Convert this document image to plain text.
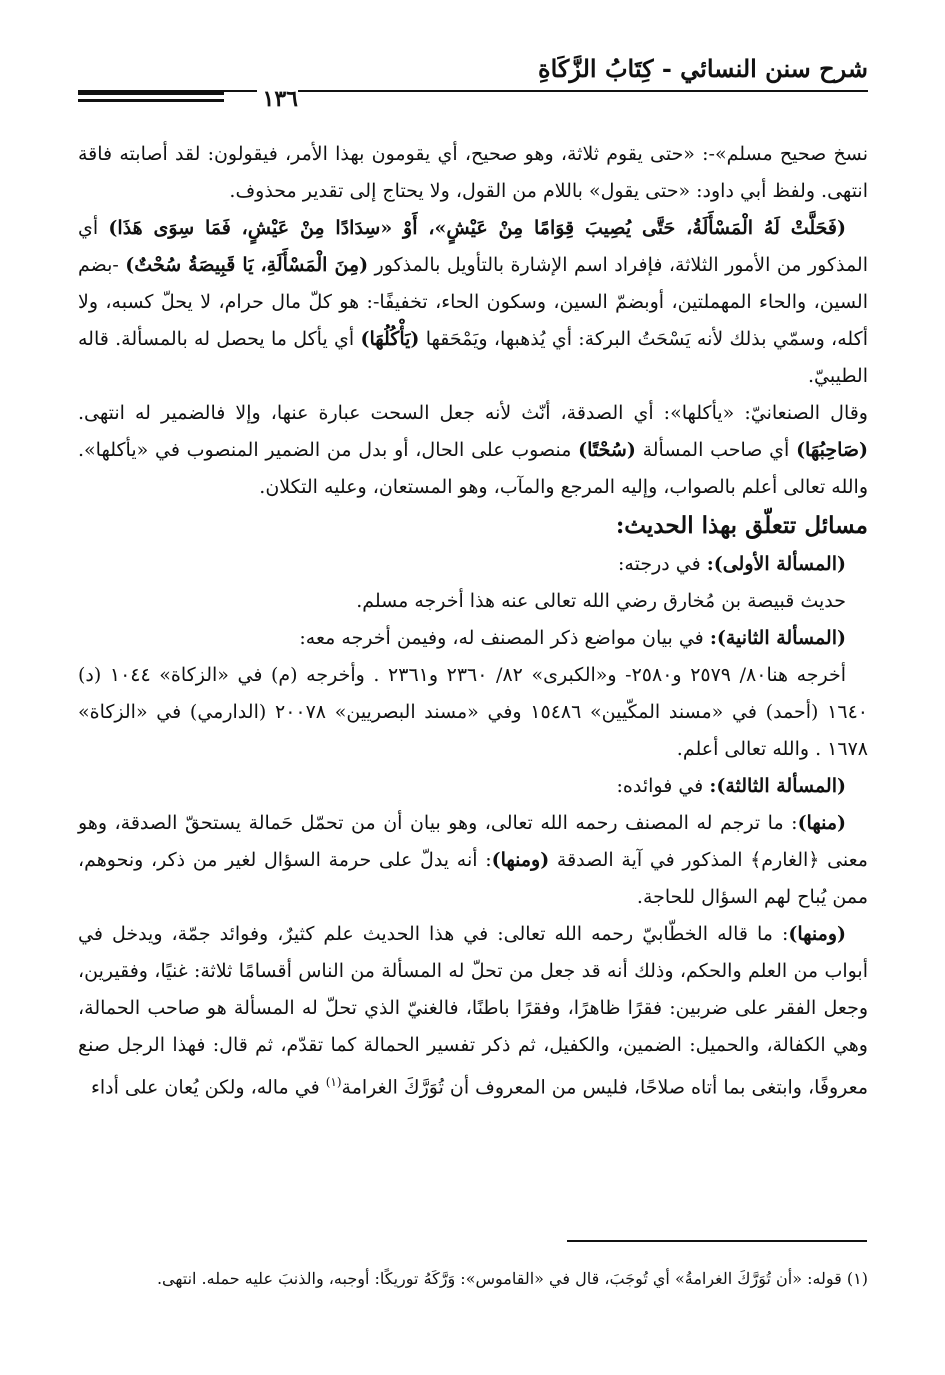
شرح سنن النسائي - كِتَابُ الزَّكَاةِ
١٣٦

نسخ صحيح مسلم»-: «حتى يقوم ثلاثة، وهو صحيح، أي يقومون بهذا الأمر، فيقولون: لقد أصابته فاقة انتهى. ولفظ أبي داود: «حتى يقول» باللام من القول، ولا يحتاج إلى تقدير محذوف.

(فَحَلَّتْ لَهُ الْمَسْأَلَةُ، حَتَّى يُصِيبَ قِوَامًا مِنْ عَيْشٍ»، أَوْ «سِدَادًا مِنْ عَيْشٍ، فَمَا سِوَى هَذَا) أي المذكور من الأمور الثلاثة، فإفراد اسم الإشارة بالتأويل بالمذكور (مِنَ الْمَسْأَلَةِ، يَا قَبِيصَةُ سُحْتٌ) -بضم السين، والحاء المهملتين، أوبضمّ السين، وسكون الحاء، تخفيفًا-: هو كلّ مال حرام، لا يحلّ كسبه، ولا أكله، وسمّي بذلك لأنه يَسْحَتُ البركة: أي يُذهبها، ويَمْحَقها (يَأْكُلُهَا) أي يأكل ما يحصل له بالمسألة. قاله الطيبيّ.

وقال الصنعانيّ: «يأكلها»: أي الصدقة، أنّث لأنه جعل السحت عبارة عنها، وإلا فالضمير له انتهى. (صَاحِبُهَا) أي صاحب المسألة (سُحْتًا) منصوب على الحال، أو بدل من الضمير المنصوب في «يأكلها». والله تعالى أعلم بالصواب، وإليه المرجع والمآب، وهو المستعان، وعليه التكلان.

مسائل تتعلّق بهذا الحديث:

(المسألة الأولى): في درجته:

حديث قبيصة بن مُخارق رضي الله تعالى عنه هذا أخرجه مسلم.

(المسألة الثانية): في بيان مواضع ذكر المصنف له، وفيمن أخرجه معه:

أخرجه هنا٨٠/ ٢٥٧٩ و٢٥٨٠- و«الكبرى» ٨٢/ ٢٣٦٠ و٢٣٦١ . وأخرجه (م) في «الزكاة» ١٠٤٤ (د) ١٦٤٠ (أحمد) في «مسند المكّيين» ١٥٤٨٦ وفي «مسند البصريين» ٢٠٠٧٨ (الدارمي) في «الزكاة» ١٦٧٨ . والله تعالى أعلم.

(المسألة الثالثة): في فوائده:

(منها): ما ترجم له المصنف رحمه الله تعالى، وهو بيان أن من تحمّل حَمالة يستحقّ الصدقة، وهو معنى ﴿الغارم﴾ المذكور في آية الصدقة (ومنها): أنه يدلّ على حرمة السؤال لغير من ذكر، ونحوهم، ممن يُباح لهم السؤال للحاجة.

(ومنها): ما قاله الخطّابيّ رحمه الله تعالى: في هذا الحديث علم كثيرٌ، وفوائد جمّة، ويدخل في أبواب من العلم والحكم، وذلك أنه قد جعل من تحلّ له المسألة من الناس أقسامًا ثلاثة: غنيًا، وفقيرين، وجعل الفقر على ضربين: فقرًا ظاهرًا، وفقرًا باطنًا، فالغنيّ الذي تحلّ له المسألة هو صاحب الحمالة، وهي الكفالة، والحميل: الضمين، والكفيل، ثم ذكر تفسير الحمالة كما تقدّم، ثم قال: فهذا الرجل صنع معروفًا، وابتغى بما أتاه صلاحًا، فليس من المعروف أن تُوَرَّكَ الغرامة$^{(١)}$ في ماله، ولكن يُعان على أداء

(١) قوله: «أن تُوَرَّكَ الغرامةُ» أي تُوجَبَ، قال في «القاموس»: وَرَّكَهُ توريكًا: أوجبه، والذنبَ عليه حمله. انتهى.
